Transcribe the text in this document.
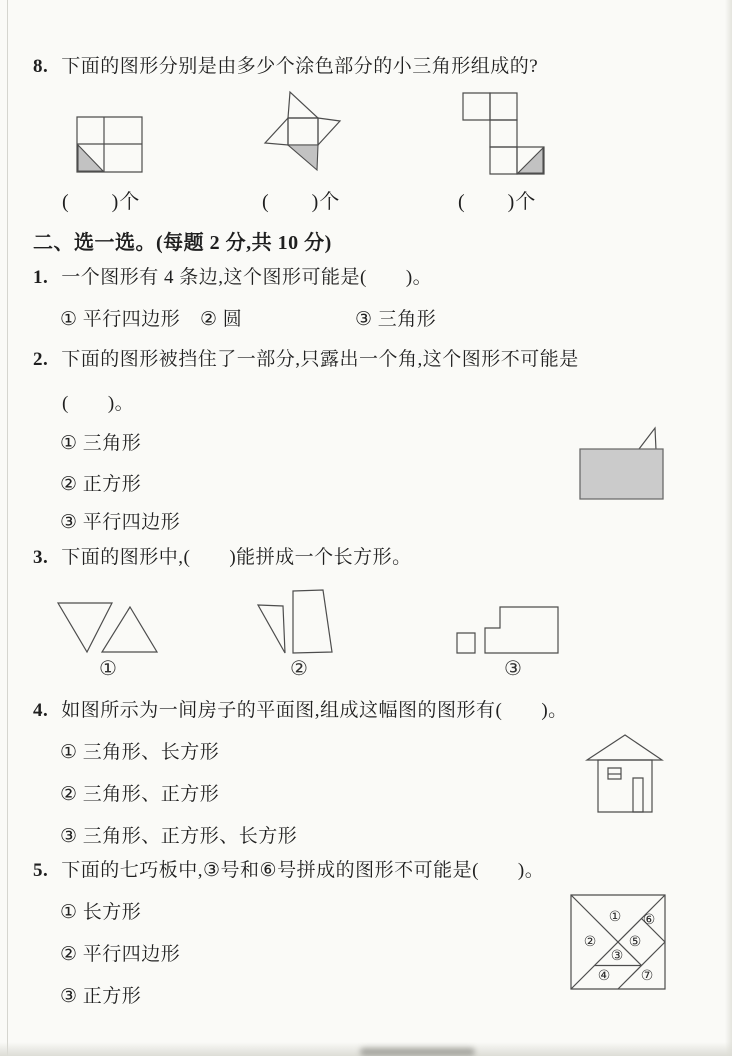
8. 下面的图形分别是由多少个涂色部分的小三角形组成的?
(　　)个	(　　)个	(　　)个
二、选一选。(每题 2 分,共 10 分)
1. 一个图形有 4 条边,这个图形可能是(　　)。
① 平行四边形 ② 圆	③ 三角形
2. 下面的图形被挡住了一部分,只露出一个角,这个图形不可能是
(　　)。
① 三角形
② 正方形
③ 平行四边形
3. 下面的图形中,(　　)能拼成一个长方形。
①	②	③
4. 如图所示为一间房子的平面图,组成这幅图的图形有(　　)。
① 三角形、长方形
② 三角形、正方形
③ 三角形、正方形、长方形
5. 下面的七巧板中,③号和⑥号拼成的图形不可能是(　　)。
① 长方形
② 平行四边形
③ 正方形
①
②
③
④
⑤
⑥
⑦
